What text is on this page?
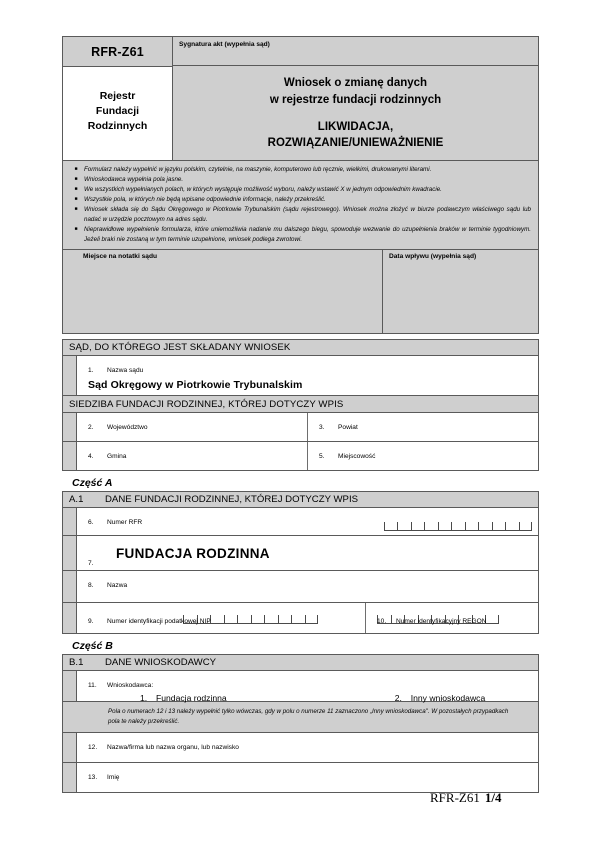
RFR-Z61
Rejestr
Fundacji
Rodzinnych
Sygnatura akt (wypełnia sąd)
Wniosek o zmianę danych
w rejestrze fundacji rodzinnych
LIKWIDACJA,
ROZWIĄZANIE/UNIEWAŻNIENIE
■	Formularz należy wypełnić w języku polskim, czytelnie, na maszynie, komputerowo lub ręcznie, wielkimi, drukowanymi literami.
■	Wnioskodawca wypełnia pola jasne.
■	We wszystkich wypełnianych polach, w których występuje możliwość wyboru, należy wstawić X w jednym odpowiednim kwadracie.
■	Wszystkie pola, w których nie będą wpisane odpowiednie informacje, należy przekreślić.
■	Wniosek składa się do Sądu Okręgowego w Piotrkowie Trybunalskim (sądu rejestrowego). Wniosek można złożyć w biurze podawczym właściwego sądu lub nadać w urzędzie pocztowym na adres sądu.
■	Nieprawidłowe wypełnienie formularza, które uniemożliwia nadanie mu dalszego biegu, spowoduje wezwanie do uzupełnienia braków w terminie tygodniowym. Jeżeli braki nie zostaną w tym terminie uzupełnione, wniosek podlega zwrotowi.
Miejsce na notatki sądu	Data wpływu (wypełnia sąd)
SĄD, DO KTÓREGO JEST SKŁADANY WNIOSEK
1. Nazwa sądu
Sąd Okręgowy w Piotrkowie Trybunalskim
SIEDZIBA FUNDACJI RODZINNEJ, KTÓREJ DOTYCZY WPIS
2. Województwo	3. Powiat
4. Gmina	5. Miejscowość
Część A
A.1	DANE FUNDACJI RODZINNEJ, KTÓREJ DOTYCZY WPIS
6. Numer RFR
7.
FUNDACJA RODZINNA
8. Nazwa
9. Numer identyfikacji podatkowej NIP	10. Numer identyfikacyjny REGON
Część B
B.1	DANE WNIOSKODAWCY
11. Wnioskodawca:
1.	Fundacja rodzinna	2.	Inny wnioskodawca
Pola o numerach 12 i 13 należy wypełnić tylko wówczas, gdy w polu o numerze 11 zaznaczono „Inny wnioskodawca". W pozostałych przypadkach pola te należy przekreślić.
12. Nazwa/firma lub nazwa organu, lub nazwisko
13. Imię
RFR-Z61 1/4
